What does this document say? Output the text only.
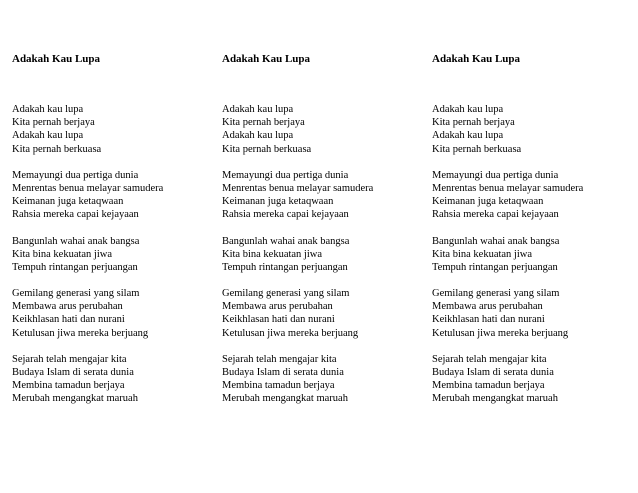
Adakah Kau Lupa
Adakah kau lupa
Kita pernah berjaya
Adakah kau lupa
Kita pernah berkuasa
Memayungi dua pertiga dunia
Menrentas benua melayar samudera
Keimanan juga ketaqwaan
Rahsia mereka capai kejayaan
Bangunlah wahai anak bangsa
Kita bina kekuatan jiwa
Tempuh rintangan perjuangan
Gemilang generasi yang silam
Membawa arus perubahan
Keikhlasan hati dan nurani
Ketulusan jiwa mereka berjuang
Sejarah telah mengajar kita
Budaya Islam di serata dunia
Membina tamadun berjaya
Merubah mengangkat maruah
Adakah Kau Lupa
Adakah kau lupa
Kita pernah berjaya
Adakah kau lupa
Kita pernah berkuasa
Memayungi dua pertiga dunia
Menrentas benua melayar samudera
Keimanan juga ketaqwaan
Rahsia mereka capai kejayaan
Bangunlah wahai anak bangsa
Kita bina kekuatan jiwa
Tempuh rintangan perjuangan
Gemilang generasi yang silam
Membawa arus perubahan
Keikhlasan hati dan nurani
Ketulusan jiwa mereka berjuang
Sejarah telah mengajar kita
Budaya Islam di serata dunia
Membina tamadun berjaya
Merubah mengangkat maruah
Adakah Kau Lupa
Adakah kau lupa
Kita pernah berjaya
Adakah kau lupa
Kita pernah berkuasa
Memayungi dua pertiga dunia
Menrentas benua melayar samudera
Keimanan juga ketaqwaan
Rahsia mereka capai kejayaan
Bangunlah wahai anak bangsa
Kita bina kekuatan jiwa
Tempuh rintangan perjuangan
Gemilang generasi yang silam
Membawa arus perubahan
Keikhlasan hati dan nurani
Ketulusan jiwa mereka berjuang
Sejarah telah mengajar kita
Budaya Islam di serata dunia
Membina tamadun berjaya
Merubah mengangkat maruah
